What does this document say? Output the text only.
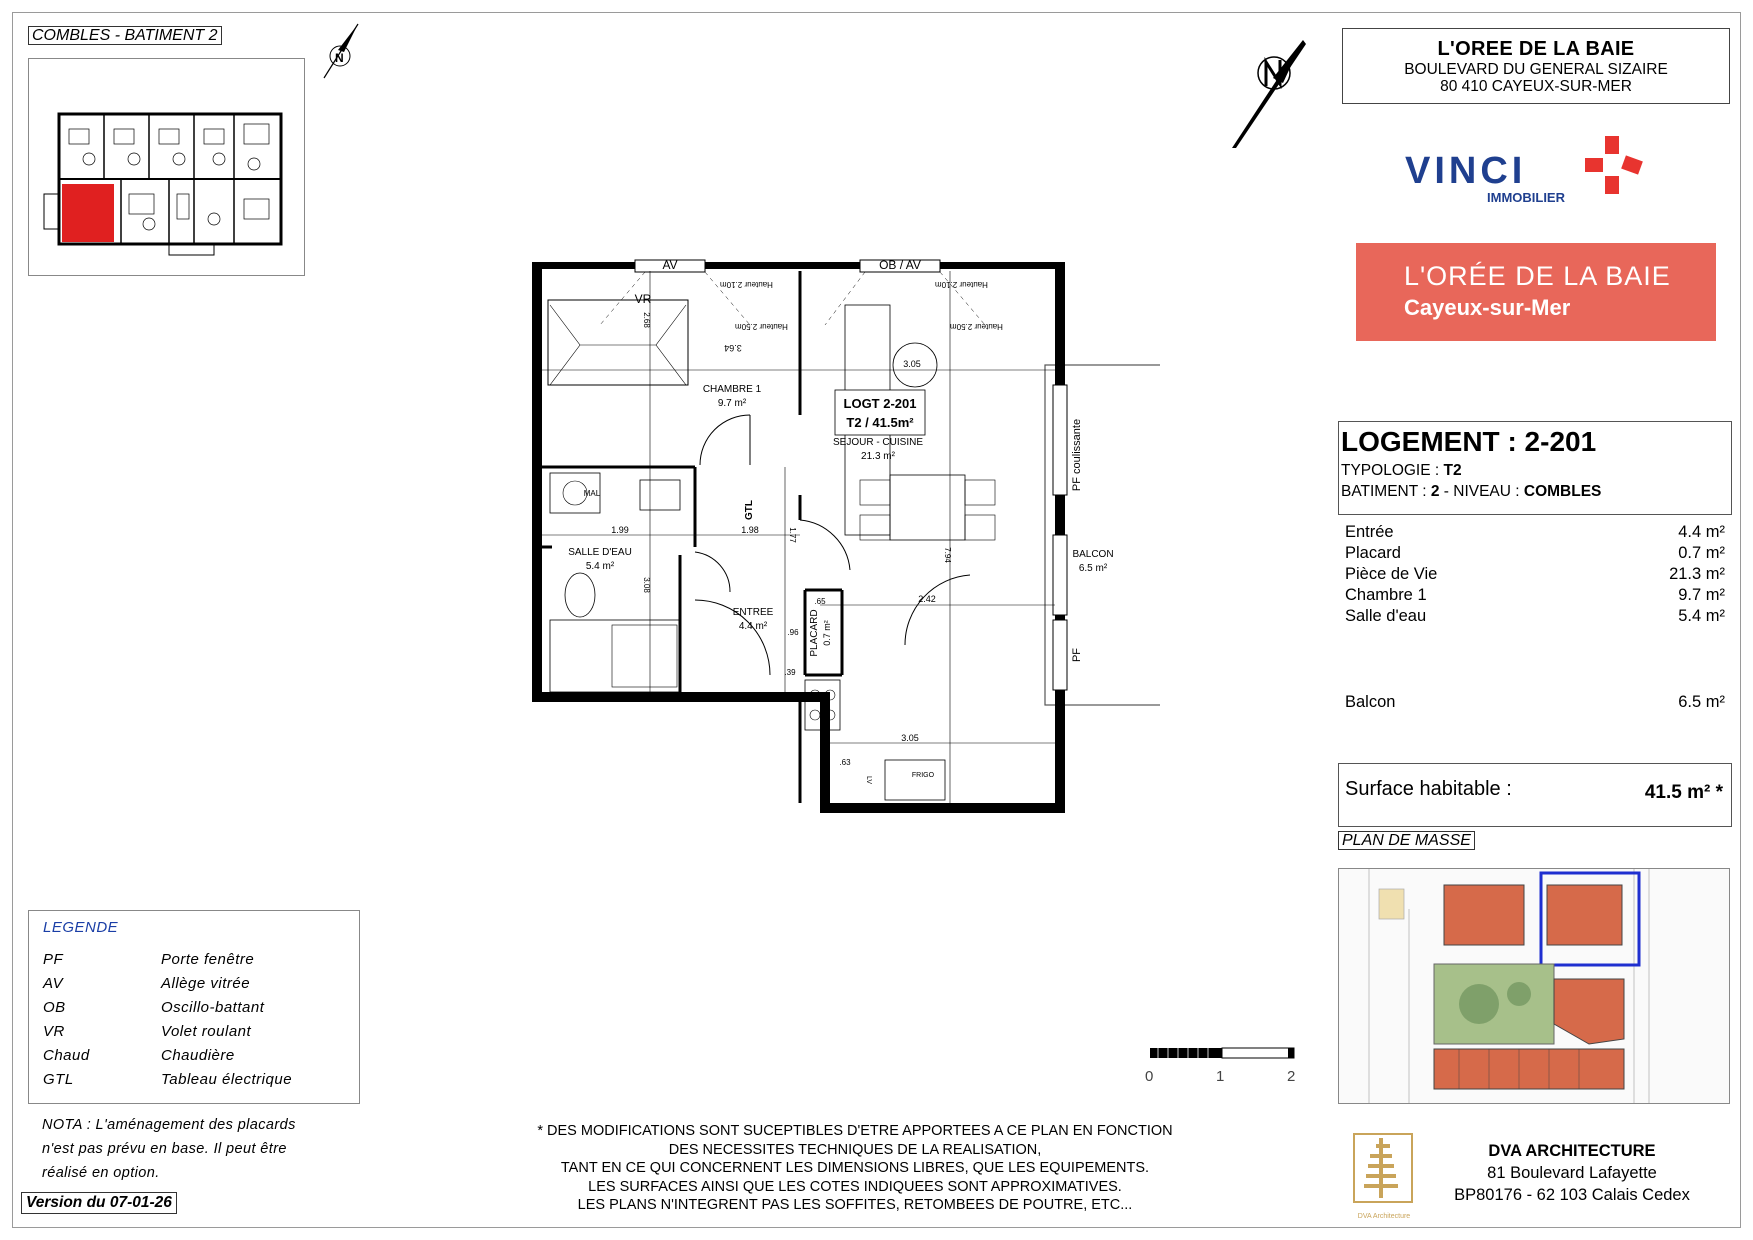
COMBLES - BATIMENT 2
N	L'OREE DE LA BAIE
BOULEVARD DU GENERAL SIZAIRE
80 410 CAYEUX-SUR-MER
VINCI
IMMOBILIER
L'ORÉE DE LA BAIE
Cayeux-sur-Mer
LOGEMENT : 2-201
TYPOLOGIE : T2
BATIMENT : 2 - NIVEAU : COMBLES
Entrée	4.4 m²
Placard	0.7 m²
Pièce de Vie	21.3 m²
Chambre 1	9.7 m²
Salle d'eau	5.4 m²
Balcon	6.5 m²
Surface habitable :	41.5 m² *
PLAN DE MASSE
AV	OB / AV
VR
CHAMBRE 1
9.7 m²
SEJOUR - CUISINE
21.3 m²
SALLE D'EAU
5.4 m²
ENTREE
4.4 m²
BALCON
6.5 m²
MAL
FRIGO
3.64
3.05
2.42
3.05
1.99	1.98
.65
.96
.39
.63
2.68
3.08
7.94
1.77
GTL
PF coulissante
PF
PLACARD 0.7 m²
LV
LOGT 2-201
T2 / 41.5m²
Hauteur 2.10m	Hauteur 2.10m
Hauteur 2.50m	Hauteur 2.50m
0	1	2
LEGENDE
PF	Porte fenêtre
AV	Allège vitrée
OB	Oscillo-battant
VR	Volet roulant
Chaud	Chaudière
GTL	Tableau électrique
NOTA : L'aménagement des placards
n'est pas prévu en base. Il peut être
réalisé en option.
Version du 07-01-26
* DES MODIFICATIONS SONT SUCEPTIBLES D'ETRE APPORTEES A CE PLAN EN FONCTION
DES NECESSITES TECHNIQUES DE LA REALISATION,
TANT EN CE QUI CONCERNENT LES DIMENSIONS LIBRES, QUE LES EQUIPEMENTS.
LES SURFACES AINSI QUE LES COTES INDIQUEES SONT APPROXIMATIVES.
LES PLANS N'INTEGRENT PAS LES SOFFITES, RETOMBEES DE POUTRE, ETC...
DVA Architecture
DVA ARCHITECTURE
81 Boulevard Lafayette
BP80176 - 62 103 Calais Cedex
